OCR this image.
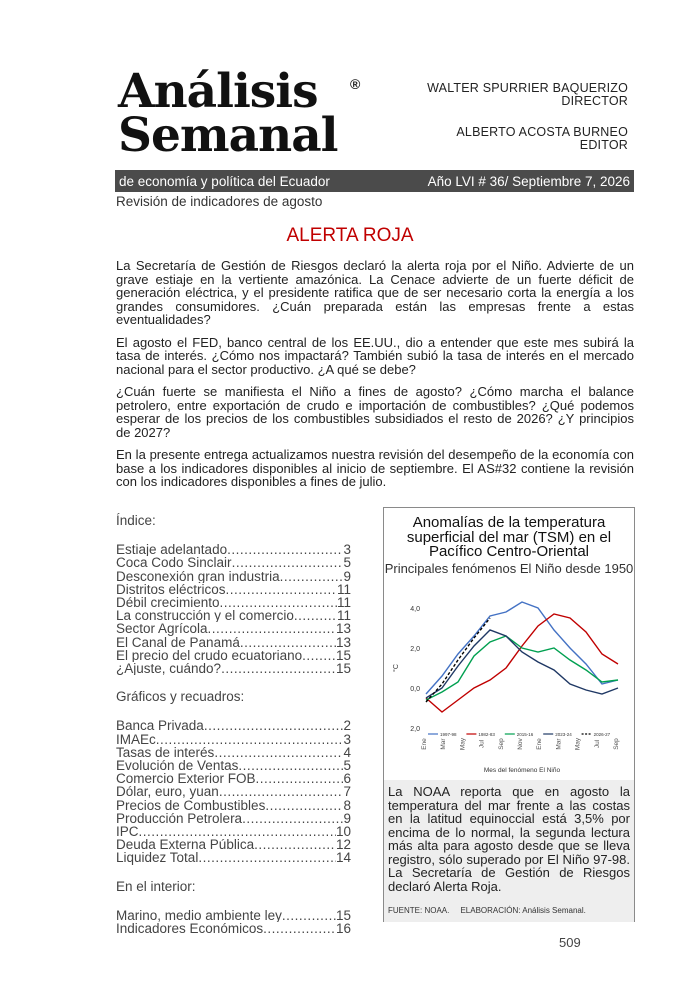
Análisis
Semanal
®	WALTER SPURRIER BAQUERIZO
DIRECTOR
ALBERTO ACOSTA BURNEO
EDITOR
de economía y política del Ecuador	Año LVI # 36/ Septiembre 7, 2026
Revisión de indicadores de agosto
ALERTA ROJA

La Secretaría de Gestión de Riesgos declaró la alerta roja por el Niño. Advierte de un grave estiaje en la vertiente amazónica. La Cenace advierte de un fuerte déficit de generación eléctrica, y el presidente ratifica que de ser necesario corta la energía a los grandes consumidores. ¿Cuán preparada están las empresas frente a estas eventualidades?

El agosto el FED, banco central de los EE.UU., dio a entender que este mes subirá la tasa de interés. ¿Cómo nos impactará? También subió la tasa de interés en el mercado nacional para el sector productivo. ¿A qué se debe?

¿Cuán fuerte se manifiesta el Niño a fines de agosto? ¿Cómo marcha el balance petrolero, entre exportación de crudo e importación de combustibles? ¿Qué podemos esperar de los precios de los combustibles subsidiados el resto de 2026? ¿Y principios de 2027?

En la presente entrega actualizamos nuestra revisión del desempeño de la economía con base a los indicadores disponibles al inicio de septiembre. El AS#32 contiene la revisión con los indicadores disponibles a fines de julio.

Índice:
Estiaje adelantado .....	3
Coca Codo Sinclair .....	5
Desconexión gran industria .....	9
Distritos eléctricos .....	11
Débil crecimiento .....	11
La construcción y el comercio .....	11
Sector Agrícola .....	13
El Canal de Panamá .....	13
El precio del crudo ecuatoriano .....	15
¿Ajuste, cuándo? .....	15
Gráficos y recuadros:
Banca Privada .....	2
IMAEc .....	3
Tasas de interés .....	4
Evolución de Ventas .....	5
Comercio Exterior FOB .....	6
Dólar, euro, yuan .....	7
Precios de Combustibles .....	8
Producción Petrolera .....	9
IPC .....	10
Deuda Externa Pública .....	12
Liquidez Total .....	14
En el interior:
Marino, medio ambiente ley .....	15
Indicadores Económicos .....	16
Anomalías de la temperatura superficial del mar (TSM) en el Pacífico Centro-Oriental
Principales fenómenos El Niño desde 1950
4,0
2,0
0,0
2,0
°C
Ene Mar May Jul Sep Nov Ene Mar May Jul Sep
Mes del fenómeno El Niño
1997-98	1982-83	2015-16	2023-24	2026-27
La NOAA reporta que en agosto la temperatura del mar frente a las costas en la latitud equinoccial está 3,5% por encima de lo normal, la segunda lectura más alta para agosto desde que se lleva registro, sólo superado por El Niño 97-98. La Secretaría de Gestión de Riesgos declaró Alerta Roja.
FUENTE: NOAA. ELABORACIÓN: Análisis Semanal.
509
